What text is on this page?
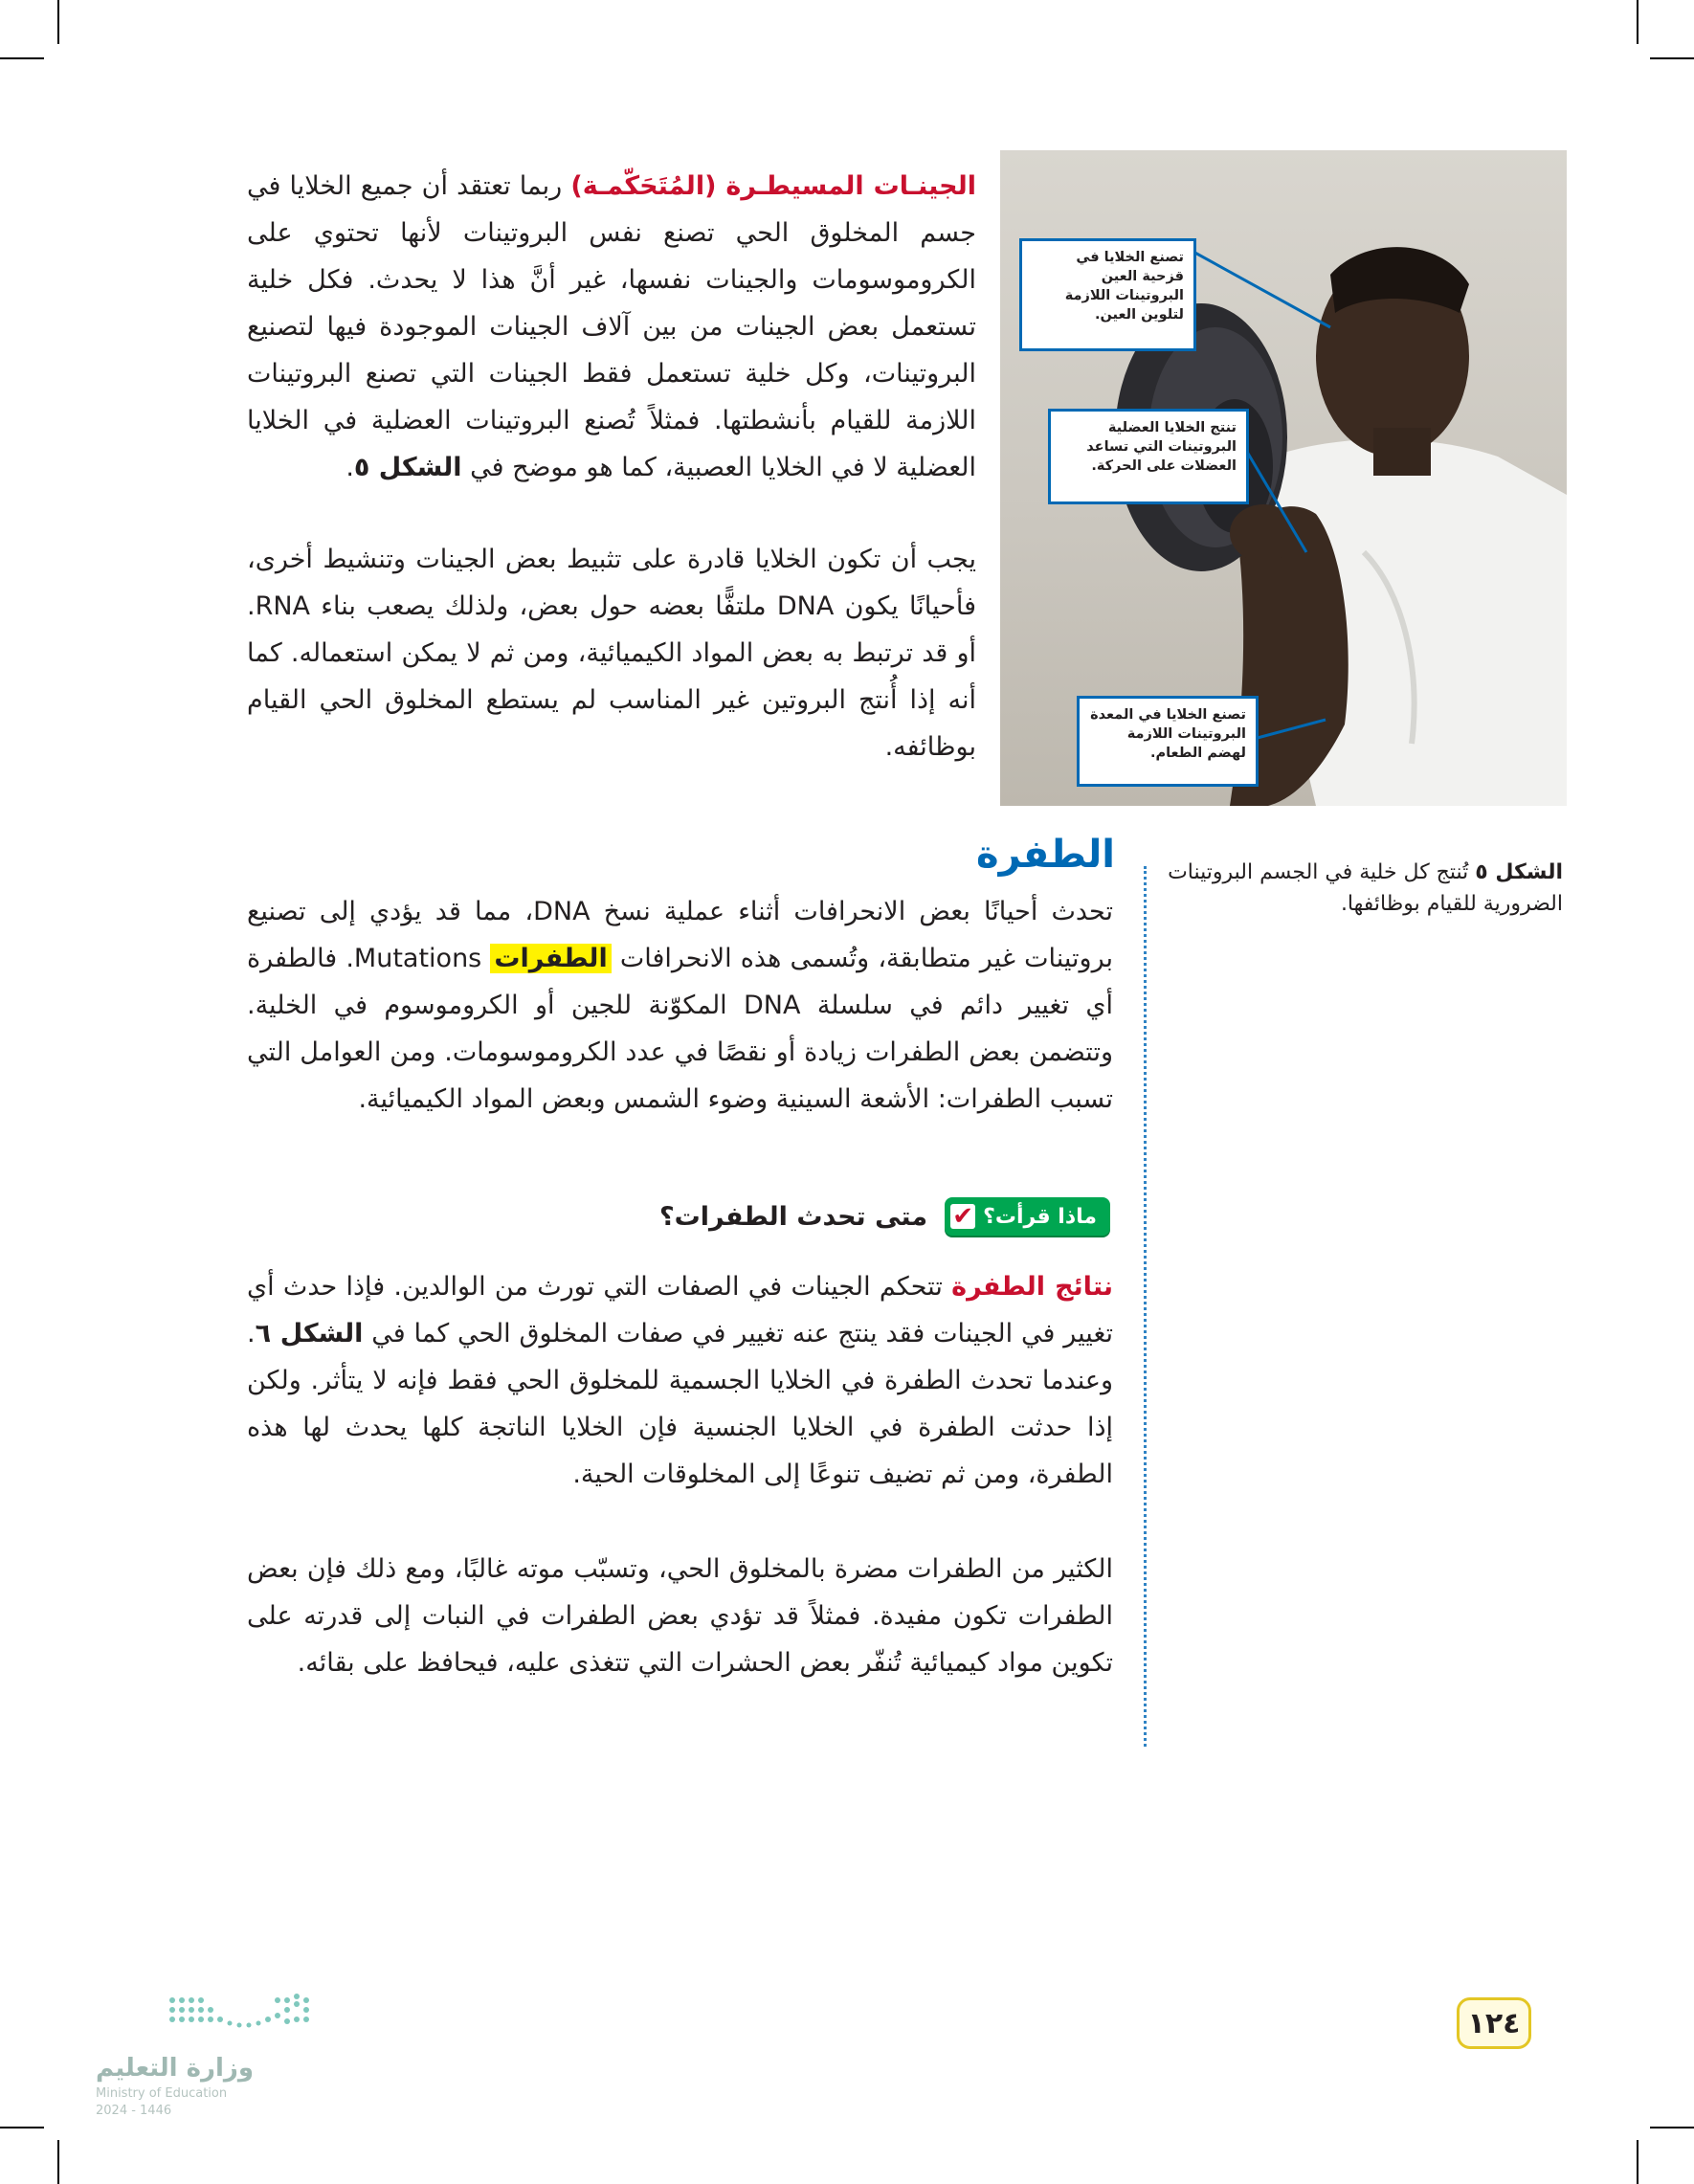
الجينـات المسيطـرة (المُتَحَكّمـة) ربما تعتقد أن جميع الخلايا في جسم المخلوق الحي تصنع نفس البروتينات لأنها تحتوي على الكروموسومات والجينات نفسها، غير أنَّ هذا لا يحدث. فكل خلية تستعمل بعض الجينات من بين آلاف الجينات الموجودة فيها لتصنيع البروتينات، وكل خلية تستعمل فقط الجينات التي تصنع البروتينات اللازمة للقيام بأنشطتها. فمثلاً تُصنع البروتينات العضلية في الخلايا العضلية لا في الخلايا العصبية، كما هو موضح في الشكل ٥.
يجب أن تكون الخلايا قادرة على تثبيط بعض الجينات وتنشيط أخرى، فأحيانًا يكون DNA ملتفًّا بعضه حول بعض، ولذلك يصعب بناء RNA. أو قد ترتبط به بعض المواد الكيميائية، ومن ثم لا يمكن استعماله. كما أنه إذا أُنتج البروتين غير المناسب لم يستطع المخلوق الحي القيام بوظائفه.
تصنع الخلايا في قزحية العين البروتينات اللازمة لتلوين العين.
تنتج الخلايا العضلية البروتينات التي تساعد العضلات على الحركة.
تصنع الخلايا في المعدة البروتينات اللازمة لهضم الطعام.
الشكل ٥ تُنتج كل خلية في الجسم البروتينات الضرورية للقيام بوظائفها.
الطفرة
تحدث أحيانًا بعض الانحرافات أثناء عملية نسخ DNA، مما قد يؤدي إلى تصنيع بروتينات غير متطابقة، وتُسمى هذه الانحرافات الطفرات Mutations. فالطفرة أي تغيير دائم في سلسلة DNA المكوّنة للجين أو الكروموسوم في الخلية. وتتضمن بعض الطفرات زيادة أو نقصًا في عدد الكروموسومات. ومن العوامل التي تسبب الطفرات: الأشعة السينية وضوء الشمس وبعض المواد الكيميائية.
ماذا قرأت؟
✔
متى تحدث الطفرات؟
نتائج الطفرة تتحكم الجينات في الصفات التي تورث من الوالدين. فإذا حدث أي تغيير في الجينات فقد ينتج عنه تغيير في صفات المخلوق الحي كما في الشكل ٦. وعندما تحدث الطفرة في الخلايا الجسمية للمخلوق الحي فقط فإنه لا يتأثر. ولكن إذا حدثت الطفرة في الخلايا الجنسية فإن الخلايا الناتجة كلها يحدث لها هذه الطفرة، ومن ثم تضيف تنوعًا إلى المخلوقات الحية.
الكثير من الطفرات مضرة بالمخلوق الحي، وتسبّب موته غالبًا، ومع ذلك فإن بعض الطفرات تكون مفيدة. فمثلاً قد تؤدي بعض الطفرات في النبات إلى قدرته على تكوين مواد كيميائية تُنفّر بعض الحشرات التي تتغذى عليه، فيحافظ على بقائه.
١٢٤
وزارة التعليم
Ministry of Education
2024 - 1446
